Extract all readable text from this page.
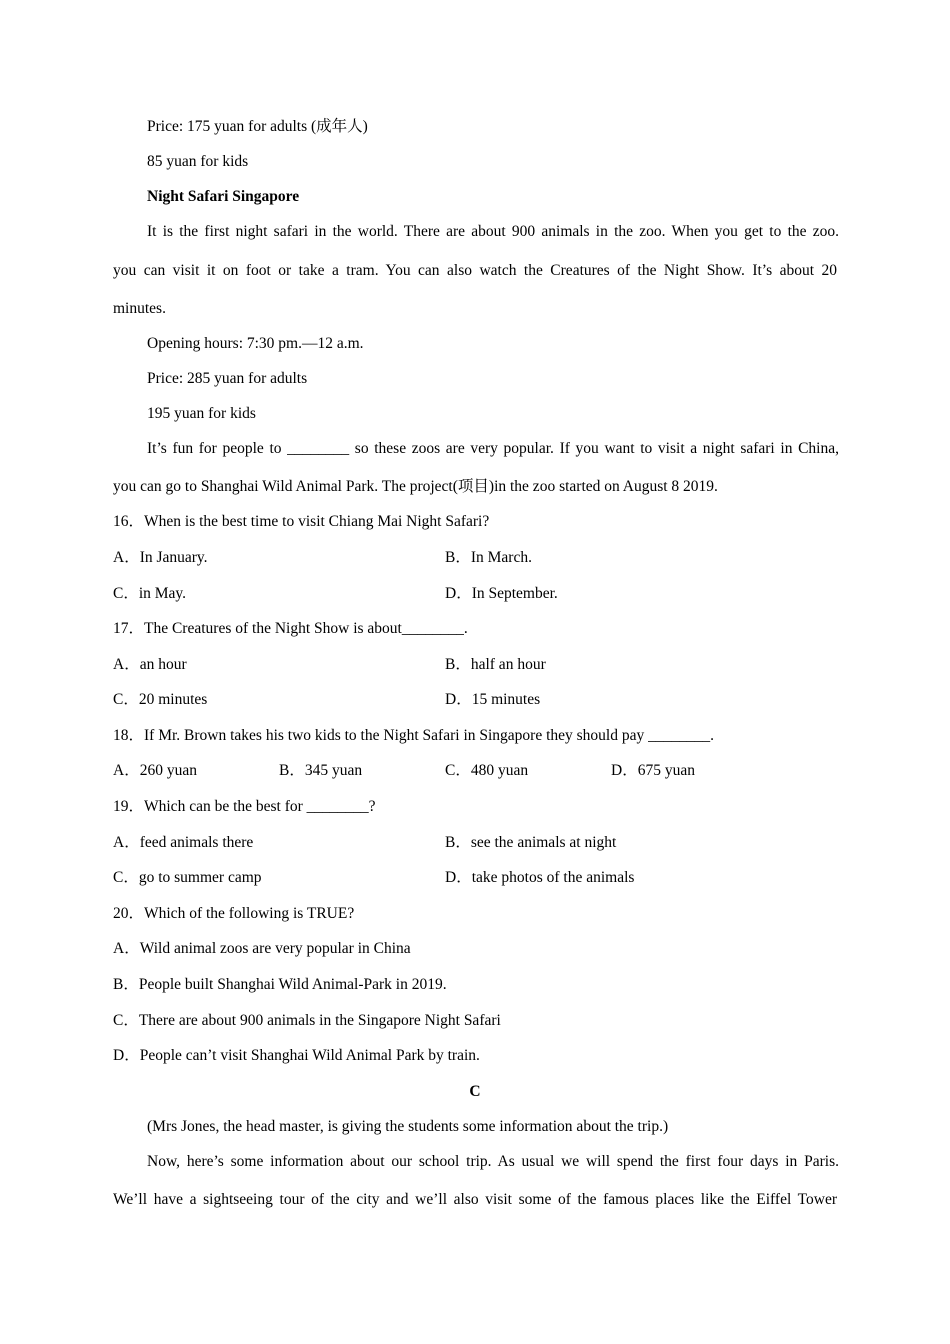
Price: 175 yuan for adults (成年人)
85 yuan for kids
Night Safari Singapore
It is the first night safari in the world. There are about 900 animals in the zoo. When you get to the zoo.
you can visit it on foot or take a tram. You can also watch the Creatures of the Night Show. It’s about 20
minutes.
Opening hours: 7:30 pm.—12 a.m.
Price: 285 yuan for adults
195 yuan for kids
It’s fun for people to ________ so these zoos are very popular. If you want to visit a night safari in China,
you can go to Shanghai Wild Animal Park. The project(项目)in the zoo started on August 8 2019.
16．When is the best time to visit Chiang Mai Night Safari?
A．In January.	B．In March.
C．in May.	D．In September.
17．The Creatures of the Night Show is about________.
A．an hour	B．half an hour
C．20 minutes	D．15 minutes
18．If Mr. Brown takes his two kids to the Night Safari in Singapore they should pay ________.
A．260 yuan	B．345 yuan	C．480 yuan	D．675 yuan
19．Which can be the best for ________?
A．feed animals there	B．see the animals at night
C．go to summer camp	D．take photos of the animals
20．Which of the following is TRUE?
A．Wild animal zoos are very popular in China
B．People built Shanghai Wild Animal-Park in 2019.
C．There are about 900 animals in the Singapore Night Safari
D．People can’t visit Shanghai Wild Animal Park by train.
C
(Mrs Jones, the head master, is giving the students some information about the trip.)
Now, here’s some information about our school trip. As usual we will spend the first four days in Paris.
We’ll have a sightseeing tour of the city and we’ll also visit some of the famous places like the Eiffel Tower
